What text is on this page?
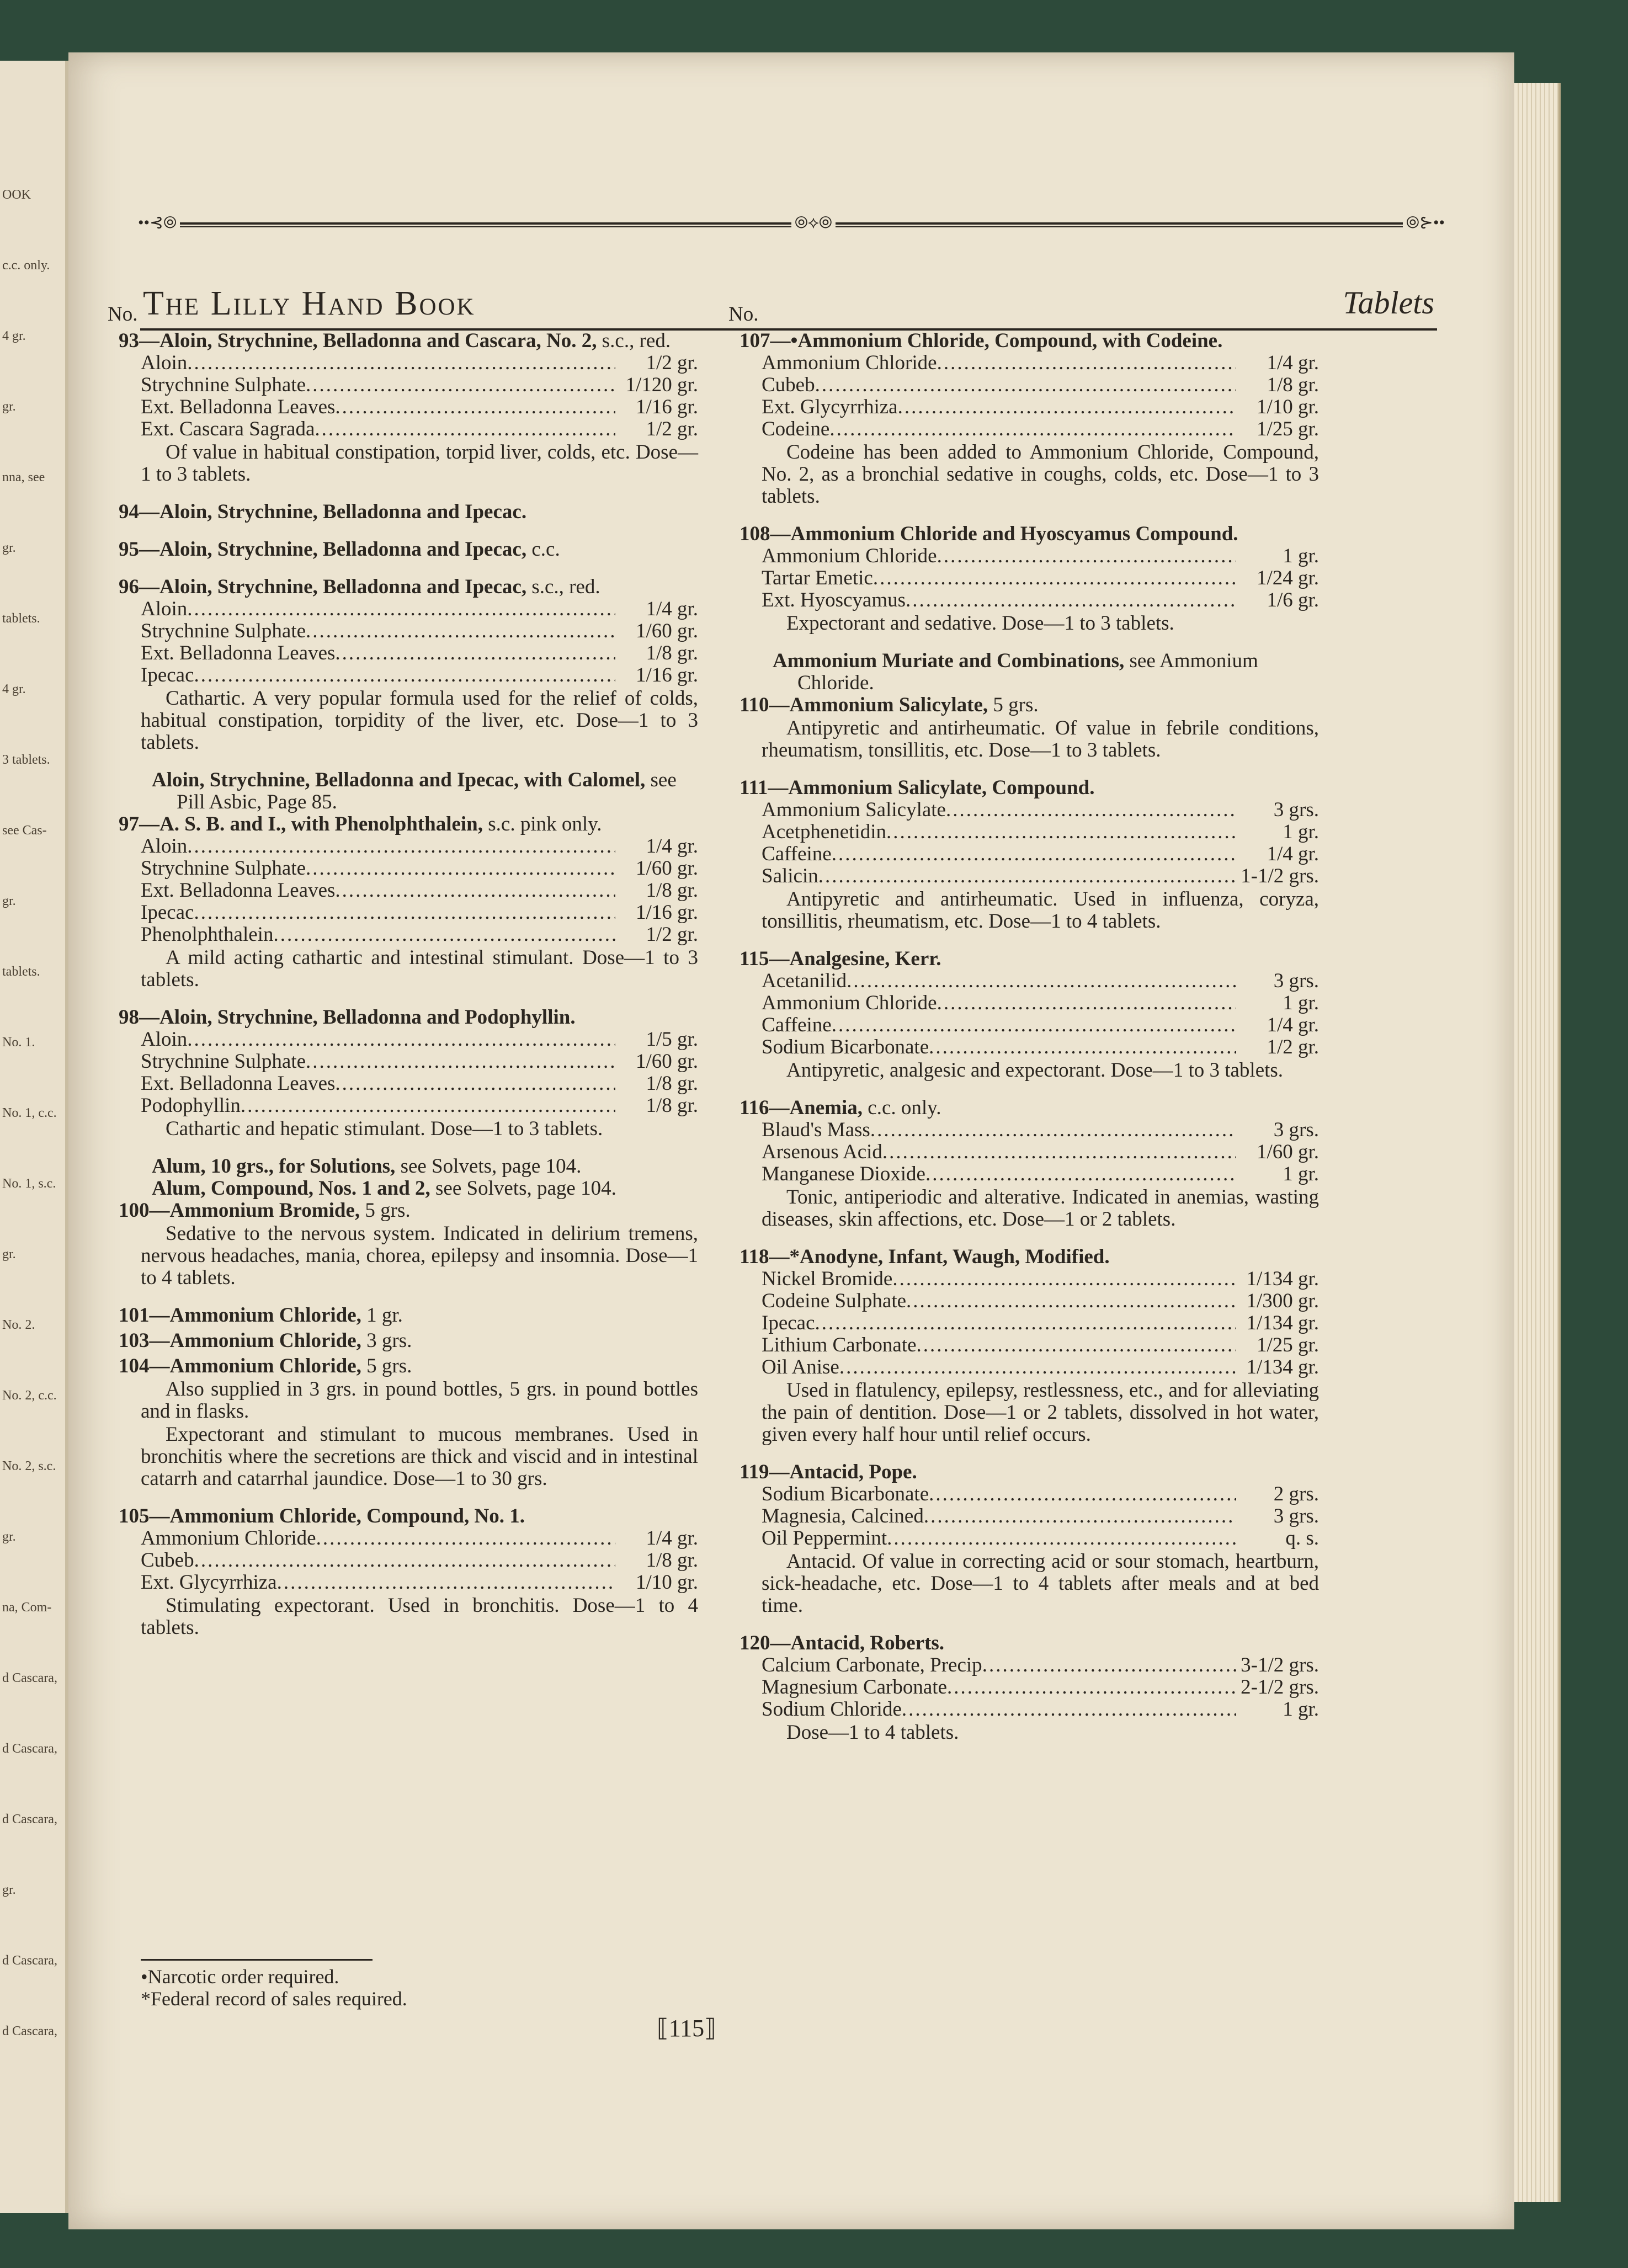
OOK
c.c. only.
4 gr.
gr.
nna, see
gr.
tablets.
4 gr.
3 tablets.
see Cas-
gr.
tablets.
No. 1.
No. 1, c.c.
No. 1, s.c.
gr.
No. 2.
No. 2, c.c.
No. 2, s.c.
gr.
na, Com-
d Cascara,
d Cascara,
d Cascara,
gr.
d Cascara,
d Cascara,
••⊰⦾	⦾⟡⦾	⦾⊱••
The Lilly Hand Book	Tablets
No.

93—Aloin, Strychnine, Belladonna and Cascara, No. 2, s.c., red.

Aloin .....	1/2 gr.
Strychnine Sulphate .....	1/120 gr.
Ext. Belladonna Leaves .....	1/16 gr.
Ext. Cascara Sagrada .....	1/2 gr.

Of value in habitual constipation, torpid liver, colds, etc. Dose—1 to 3 tablets.

94—Aloin, Strychnine, Belladonna and Ipecac.

95—Aloin, Strychnine, Belladonna and Ipecac, c.c.

96—Aloin, Strychnine, Belladonna and Ipecac, s.c., red.

Aloin .....	1/4 gr.
Strychnine Sulphate .....	1/60 gr.
Ext. Belladonna Leaves .....	1/8 gr.
Ipecac .....	1/16 gr.

Cathartic. A very popular formula used for the relief of colds, habitual constipation, torpidity of the liver, etc. Dose—1 to 3 tablets.

Aloin, Strychnine, Belladonna and Ipecac, with Calomel, see Pill Asbic, Page 85.

97—A. S. B. and I., with Phenolphthalein, s.c. pink only.

Aloin .....	1/4 gr.
Strychnine Sulphate .....	1/60 gr.
Ext. Belladonna Leaves .....	1/8 gr.
Ipecac .....	1/16 gr.
Phenolphthalein .....	1/2 gr.

A mild acting cathartic and intestinal stimulant. Dose—1 to 3 tablets.

98—Aloin, Strychnine, Belladonna and Podophyllin.

Aloin .....	1/5 gr.
Strychnine Sulphate .....	1/60 gr.
Ext. Belladonna Leaves .....	1/8 gr.
Podophyllin .....	1/8 gr.

Cathartic and hepatic stimulant. Dose—1 to 3 tablets.

Alum, 10 grs., for Solutions, see Solvets, page 104.

Alum, Compound, Nos. 1 and 2, see Solvets, page 104.

100—Ammonium Bromide, 5 grs.

Sedative to the nervous system. Indicated in delirium tremens, nervous headaches, mania, chorea, epilepsy and insomnia. Dose—1 to 4 tablets.

101—Ammonium Chloride, 1 gr.

103—Ammonium Chloride, 3 grs.

104—Ammonium Chloride, 5 grs.

Also supplied in 3 grs. in pound bottles, 5 grs. in pound bottles and in flasks.

Expectorant and stimulant to mucous membranes. Used in bronchitis where the secretions are thick and viscid and in intestinal catarrh and catarrhal jaundice. Dose—1 to 30 grs.

105—Ammonium Chloride, Compound, No. 1.

Ammonium Chloride .....	1/4 gr.
Cubeb .....	1/8 gr.
Ext. Glycyrrhiza .....	1/10 gr.

Stimulating expectorant. Used in bronchitis. Dose—1 to 4 tablets.

No.

107—•Ammonium Chloride, Compound, with Codeine.

Ammonium Chloride .....	1/4 gr.
Cubeb .....	1/8 gr.
Ext. Glycyrrhiza .....	1/10 gr.
Codeine .....	1/25 gr.

Codeine has been added to Ammonium Chloride, Compound, No. 2, as a bronchial sedative in coughs, colds, etc. Dose—1 to 3 tablets.

108—Ammonium Chloride and Hyoscyamus Compound.

Ammonium Chloride .....	1 gr.
Tartar Emetic .....	1/24 gr.
Ext. Hyoscyamus .....	1/6 gr.

Expectorant and sedative. Dose—1 to 3 tablets.

Ammonium Muriate and Combinations, see Ammonium Chloride.

110—Ammonium Salicylate, 5 grs.

Antipyretic and antirheumatic. Of value in febrile conditions, rheumatism, tonsillitis, etc. Dose—1 to 3 tablets.

111—Ammonium Salicylate, Compound.

Ammonium Salicylate .....	3 grs.
Acetphenetidin .....	1 gr.
Caffeine .....	1/4 gr.
Salicin .....	1-1/2 grs.

Antipyretic and antirheumatic. Used in influenza, coryza, tonsillitis, rheumatism, etc. Dose—1 to 4 tablets.

115—Analgesine, Kerr.

Acetanilid .....	3 grs.
Ammonium Chloride .....	1 gr.
Caffeine .....	1/4 gr.
Sodium Bicarbonate .....	1/2 gr.

Antipyretic, analgesic and expectorant. Dose—1 to 3 tablets.

116—Anemia, c.c. only.

Blaud's Mass .....	3 grs.
Arsenous Acid .....	1/60 gr.
Manganese Dioxide .....	1 gr.

Tonic, antiperiodic and alterative. Indicated in anemias, wasting diseases, skin affections, etc. Dose—1 or 2 tablets.

118—*Anodyne, Infant, Waugh, Modified.

Nickel Bromide .....	1/134 gr.
Codeine Sulphate .....	1/300 gr.
Ipecac .....	1/134 gr.
Lithium Carbonate .....	1/25 gr.
Oil Anise .....	1/134 gr.

Used in flatulency, epilepsy, restlessness, etc., and for alleviating the pain of dentition. Dose—1 or 2 tablets, dissolved in hot water, given every half hour until relief occurs.

119—Antacid, Pope.

Sodium Bicarbonate .....	2 grs.
Magnesia, Calcined .....	3 grs.
Oil Peppermint .....	q. s.

Antacid. Of value in correcting acid or sour stomach, heartburn, sick-headache, etc. Dose—1 to 4 tablets after meals and at bed time.

120—Antacid, Roberts.

Calcium Carbonate, Precip .....	3-1/2 grs.
Magnesium Carbonate .....	2-1/2 grs.
Sodium Chloride .....	1 gr.

Dose—1 to 4 tablets.

•Narcotic order required.
*Federal record of sales required.
⟦115⟧
